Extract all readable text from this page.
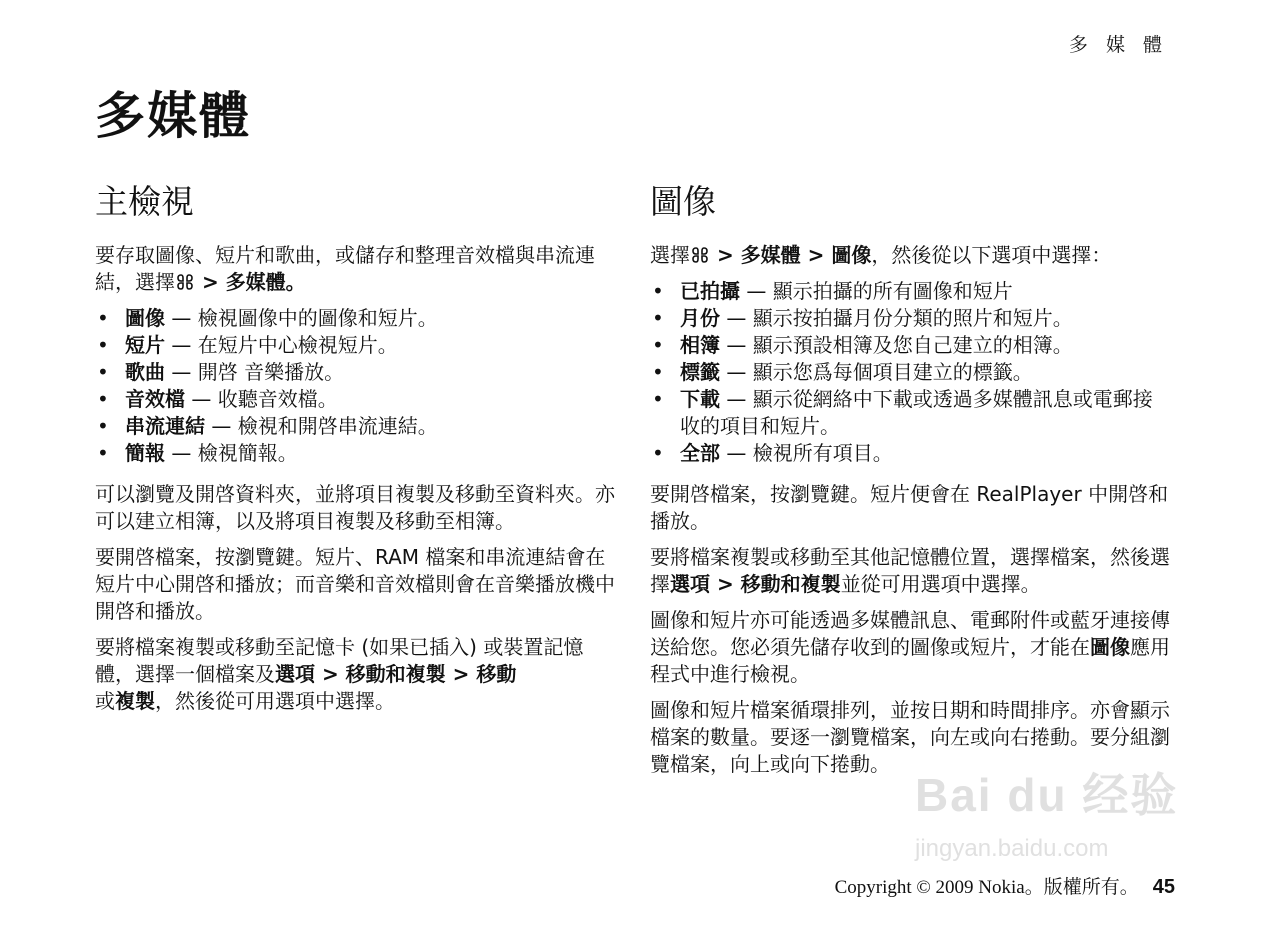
多 媒 體
多媒體
主檢視

要存取圖像、短片和歌曲，或儲存和整理音效檔與串流連結，選擇 > 多媒體。

• 圖像 — 檢視圖像中的圖像和短片。
• 短片 — 在短片中心檢視短片。
• 歌曲 — 開啓 音樂播放。
• 音效檔 — 收聽音效檔。
• 串流連結 — 檢視和開啓串流連結。
• 簡報 — 檢視簡報。

可以瀏覽及開啓資料夾，並將項目複製及移動至資料夾。亦可以建立相簿，以及將項目複製及移動至相簿。

要開啓檔案，按瀏覽鍵。短片、RAM 檔案和串流連結會在短片中心開啓和播放；而音樂和音效檔則會在音樂播放機中開啓和播放。

要將檔案複製或移動至記憶卡 (如果已插入) 或裝置記憶體，選擇一個檔案及選項 > 移動和複製 > 移動
或複製，然後從可用選項中選擇。

圖像

選擇 > 多媒體 > 圖像，然後從以下選項中選擇：

• 已拍攝 — 顯示拍攝的所有圖像和短片
• 月份 — 顯示按拍攝月份分類的照片和短片。
• 相簿 — 顯示預設相簿及您自己建立的相簿。
• 標籤 — 顯示您爲每個項目建立的標籤。
• 下載 — 顯示從網絡中下載或透過多媒體訊息或電郵接收的項目和短片。
• 全部 — 檢視所有項目。

要開啓檔案，按瀏覽鍵。短片便會在 RealPlayer 中開啓和播放。

要將檔案複製或移動至其他記憶體位置，選擇檔案，然後選擇選項 > 移動和複製並從可用選項中選擇。

圖像和短片亦可能透過多媒體訊息、電郵附件或藍牙連接傳送給您。您必須先儲存收到的圖像或短片，才能在圖像應用程式中進行檢視。

圖像和短片檔案循環排列，並按日期和時間排序。亦會顯示檔案的數量。要逐一瀏覽檔案，向左或向右捲動。要分組瀏覽檔案，向上或向下捲動。

Bai du 经验
jingyan.baidu.com
Copyright © 2009 Nokia。版權所有。 45
